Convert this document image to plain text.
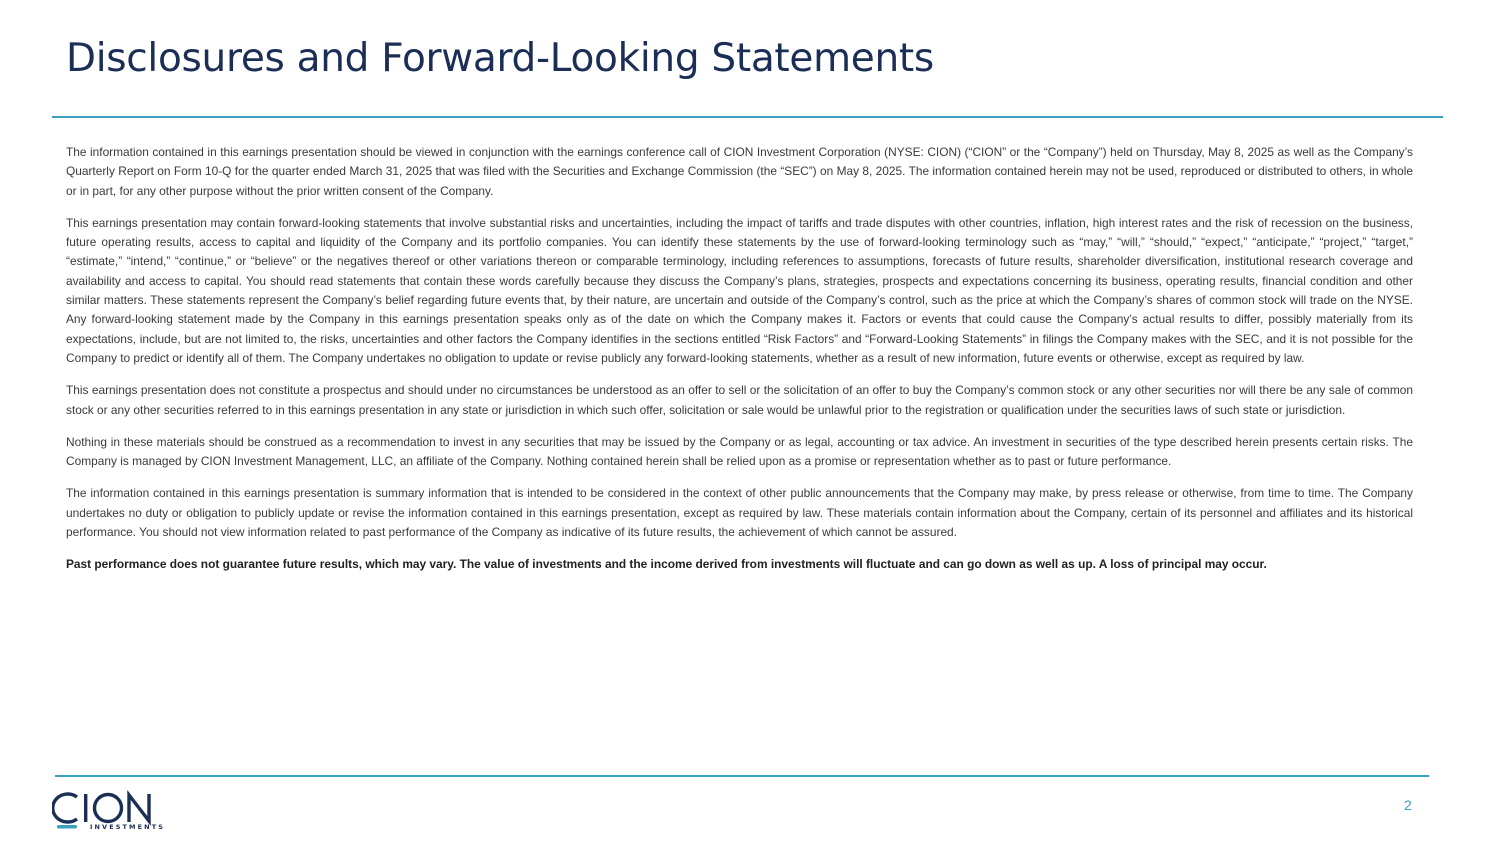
Disclosures and Forward-Looking Statements

The information contained in this earnings presentation should be viewed in conjunction with the earnings conference call of CION Investment Corporation (NYSE: CION) (“CION” or the “Company”) held on Thursday, May 8, 2025 as well as the Company’s Quarterly Report on Form 10-Q for the quarter ended March 31, 2025 that was filed with the Securities and Exchange Commission (the “SEC”) on May 8, 2025. The information contained herein may not be used, reproduced or distributed to others, in whole or in part, for any other purpose without the prior written consent of the Company.

This earnings presentation may contain forward-looking statements that involve substantial risks and uncertainties, including the impact of tariffs and trade disputes with other countries, inflation, high interest rates and the risk of recession on the business, future operating results, access to capital and liquidity of the Company and its portfolio companies. You can identify these statements by the use of forward-looking terminology such as “may,” “will,” “should,” “expect,” “anticipate,” “project,” “target,” “estimate,” “intend,” “continue,” or “believe” or the negatives thereof or other variations thereon or comparable terminology, including references to assumptions, forecasts of future results, shareholder diversification, institutional research coverage and availability and access to capital. You should read statements that contain these words carefully because they discuss the Company’s plans, strategies, prospects and expectations concerning its business, operating results, financial condition and other similar matters. These statements represent the Company’s belief regarding future events that, by their nature, are uncertain and outside of the Company’s control, such as the price at which the Company’s shares of common stock will trade on the NYSE. Any forward-looking statement made by the Company in this earnings presentation speaks only as of the date on which the Company makes it. Factors or events that could cause the Company’s actual results to differ, possibly materially from its expectations, include, but are not limited to, the risks, uncertainties and other factors the Company identifies in the sections entitled “Risk Factors” and “Forward-Looking Statements” in filings the Company makes with the SEC, and it is not possible for the Company to predict or identify all of them. The Company undertakes no obligation to update or revise publicly any forward-looking statements, whether as a result of new information, future events or otherwise, except as required by law.

This earnings presentation does not constitute a prospectus and should under no circumstances be understood as an offer to sell or the solicitation of an offer to buy the Company’s common stock or any other securities nor will there be any sale of common stock or any other securities referred to in this earnings presentation in any state or jurisdiction in which such offer, solicitation or sale would be unlawful prior to the registration or qualification under the securities laws of such state or jurisdiction.

Nothing in these materials should be construed as a recommendation to invest in any securities that may be issued by the Company or as legal, accounting or tax advice. An investment in securities of the type described herein presents certain risks. The Company is managed by CION Investment Management, LLC, an affiliate of the Company. Nothing contained herein shall be relied upon as a promise or representation whether as to past or future performance.

The information contained in this earnings presentation is summary information that is intended to be considered in the context of other public announcements that the Company may make, by press release or otherwise, from time to time. The Company undertakes no duty or obligation to publicly update or revise the information contained in this earnings presentation, except as required by law. These materials contain information about the Company, certain of its personnel and affiliates and its historical performance. You should not view information related to past performance of the Company as indicative of its future results, the achievement of which cannot be assured.

Past performance does not guarantee future results, which may vary. The value of investments and the income derived from investments will fluctuate and can go down as well as up. A loss of principal may occur.

INVESTMENTS
2
